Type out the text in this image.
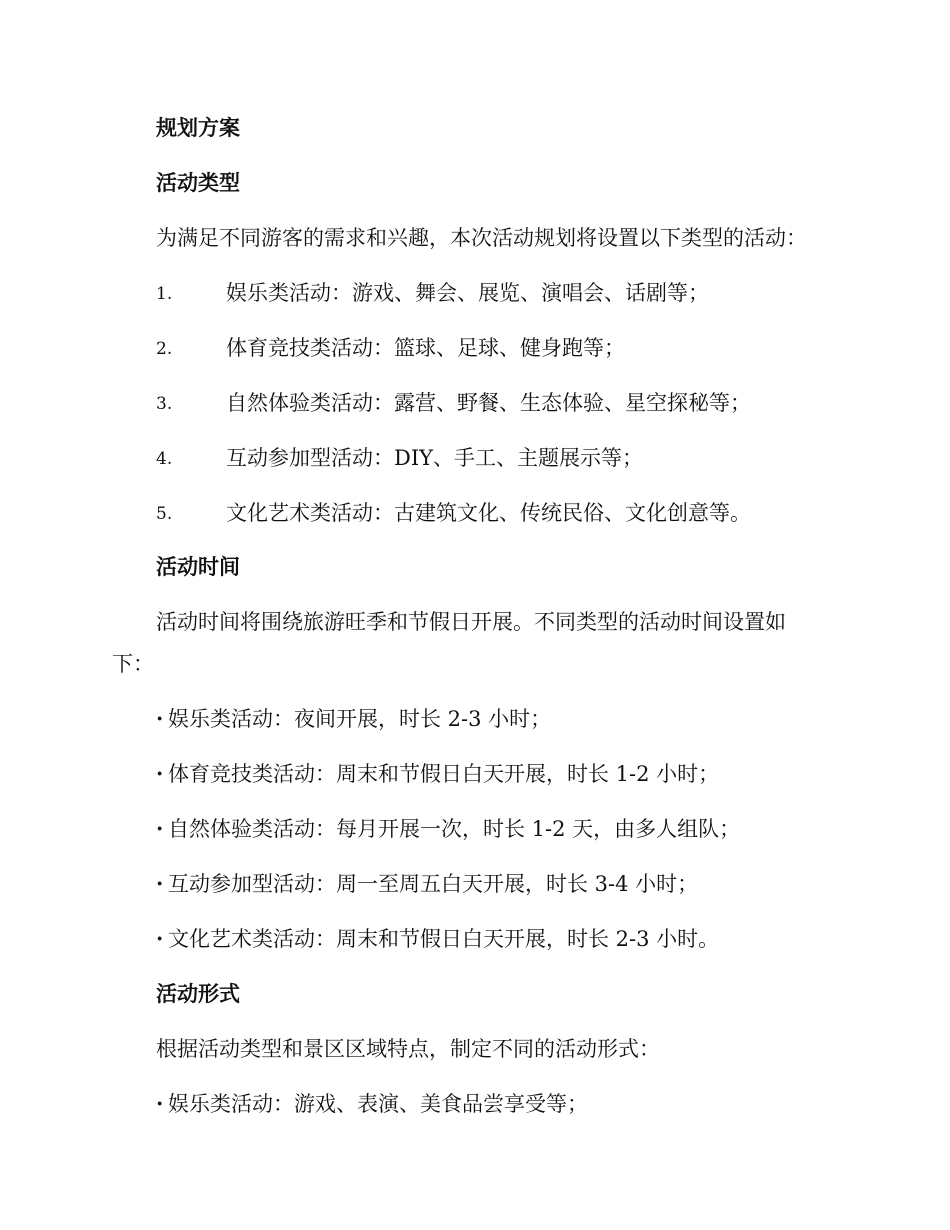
规划方案
活动类型
为满足不同游客的需求和兴趣，本次活动规划将设置以下类型的活动：
1.	娱乐类活动：游戏、舞会、展览、演唱会、话剧等；
2.	体育竞技类活动：篮球、足球、健身跑等；
3.	自然体验类活动：露营、野餐、生态体验、星空探秘等；
4.	互动参加型活动：DIY、手工、主题展示等；
5.	文化艺术类活动：古建筑文化、传统民俗、文化创意等。
活动时间
活动时间将围绕旅游旺季和节假日开展。不同类型的活动时间设置如
下：
· 娱乐类活动：夜间开展，时长 2-3 小时；
· 体育竞技类活动：周末和节假日白天开展，时长 1-2 小时；
· 自然体验类活动：每月开展一次，时长 1-2 天，由多人组队；
· 互动参加型活动：周一至周五白天开展，时长 3-4 小时；
· 文化艺术类活动：周末和节假日白天开展，时长 2-3 小时。
活动形式
根据活动类型和景区区域特点，制定不同的活动形式：
· 娱乐类活动：游戏、表演、美食品尝享受等；
